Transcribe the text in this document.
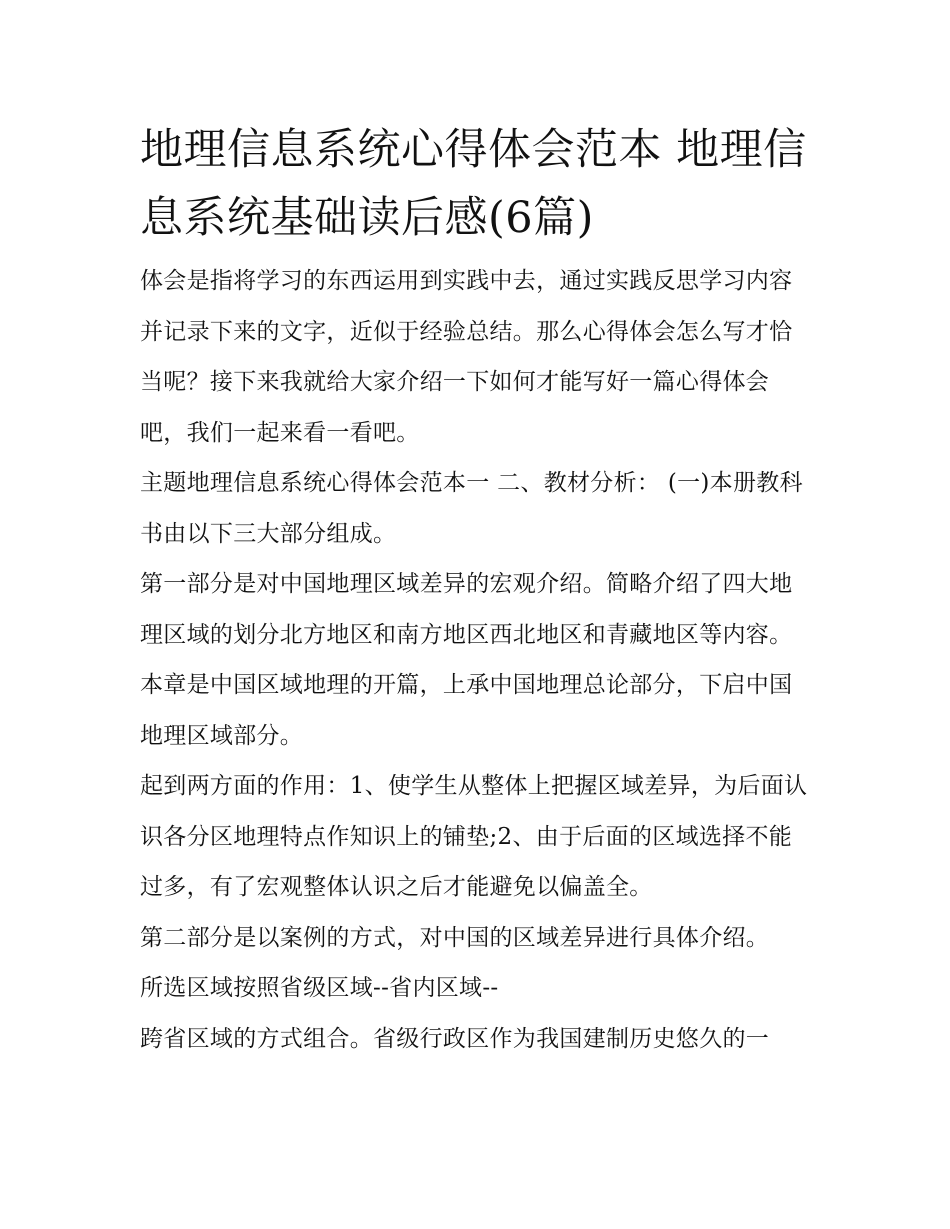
地理信息系统心得体会范本 地理信息系统基础读后感(6篇)

体会是指将学习的东西运用到实践中去，通过实践反思学习内容并记录下来的文字，近似于经验总结。那么心得体会怎么写才恰当呢？接下来我就给大家介绍一下如何才能写好一篇心得体会吧，我们一起来看一看吧。

主题地理信息系统心得体会范本一 二、教材分析： (一)本册教科书由以下三大部分组成。

第一部分是对中国地理区域差异的宏观介绍。简略介绍了四大地理区域的划分北方地区和南方地区西北地区和青藏地区等内容。本章是中国区域地理的开篇，上承中国地理总论部分，下启中国地理区域部分。

起到两方面的作用：1、使学生从整体上把握区域差异，为后面认识各分区地理特点作知识上的铺垫;2、由于后面的区域选择不能过多，有了宏观整体认识之后才能避免以偏盖全。

第二部分是以案例的方式，对中国的区域差异进行具体介绍。

所选区域按照省级区域--省内区域--

跨省区域的方式组合。省级行政区作为我国建制历史悠久的一
